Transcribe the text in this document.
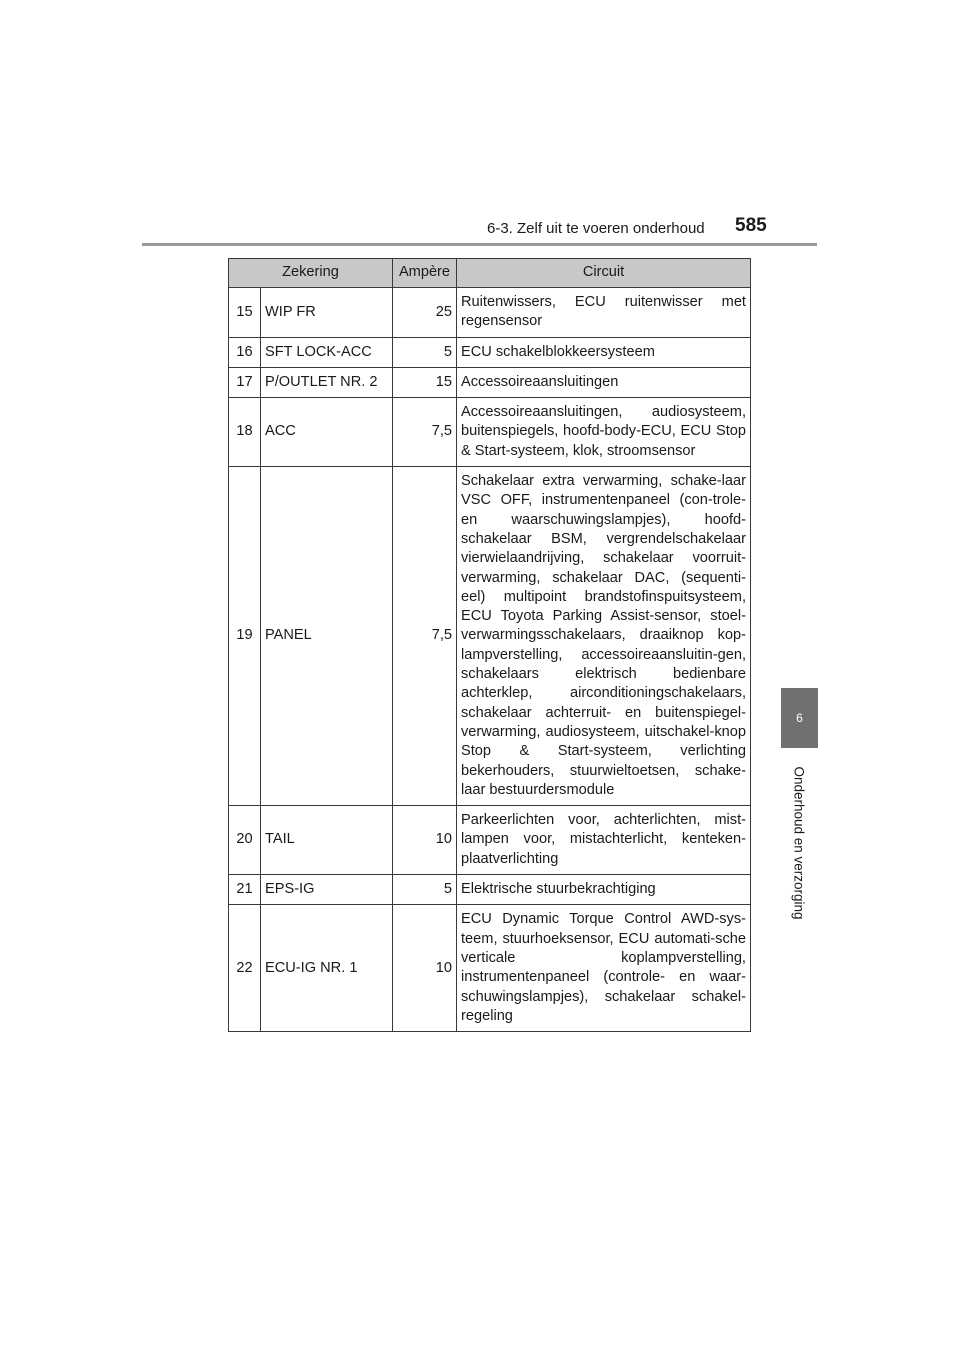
6-3. Zelf uit te voeren onderhoud 585
6
Onderhoud en verzorging
Zekering		Ampère	Circuit
15	WIP FR	25	Ruitenwissers, ECU ruitenwisser met regensensor
16	SFT LOCK-ACC	5	ECU schakelblokkeersysteem
17	P/OUTLET NR. 2	15	Accessoireaansluitingen
18	ACC	7,5	Accessoireaansluitingen, audiosysteem, buitenspiegels, hoofd-body-ECU, ECU Stop & Start-systeem, klok, stroomsensor
19	PANEL	7,5	Schakelaar extra verwarming, schake-laar VSC OFF, instrumentenpaneel (con-trole- en waarschuwingslampjes), hoofd-schakelaar BSM, vergrendelschakelaar vierwielaandrijving, schakelaar voorruit-verwarming, schakelaar DAC, (sequenti-eel) multipoint brandstofinspuitsysteem, ECU Toyota Parking Assist-sensor, stoel-verwarmingsschakelaars, draaiknop kop-lampverstelling, accessoireaansluitin-gen, schakelaars elektrisch bedienbare achterklep, airconditioningschakelaars, schakelaar achterruit- en buitenspiegel-verwarming, audiosysteem, uitschakel-knop Stop & Start-systeem, verlichting bekerhouders, stuurwieltoetsen, schake-laar bestuurdersmodule
20	TAIL	10	Parkeerlichten voor, achterlichten, mist-lampen voor, mistachterlicht, kenteken-plaatverlichting
21	EPS-IG	5	Elektrische stuurbekrachtiging
22	ECU-IG NR. 1	10	ECU Dynamic Torque Control AWD-sys-teem, stuurhoeksensor, ECU automati-sche verticale koplampverstelling, instrumentenpaneel (controle- en waar-schuwingslampjes), schakelaar schakel-regeling
